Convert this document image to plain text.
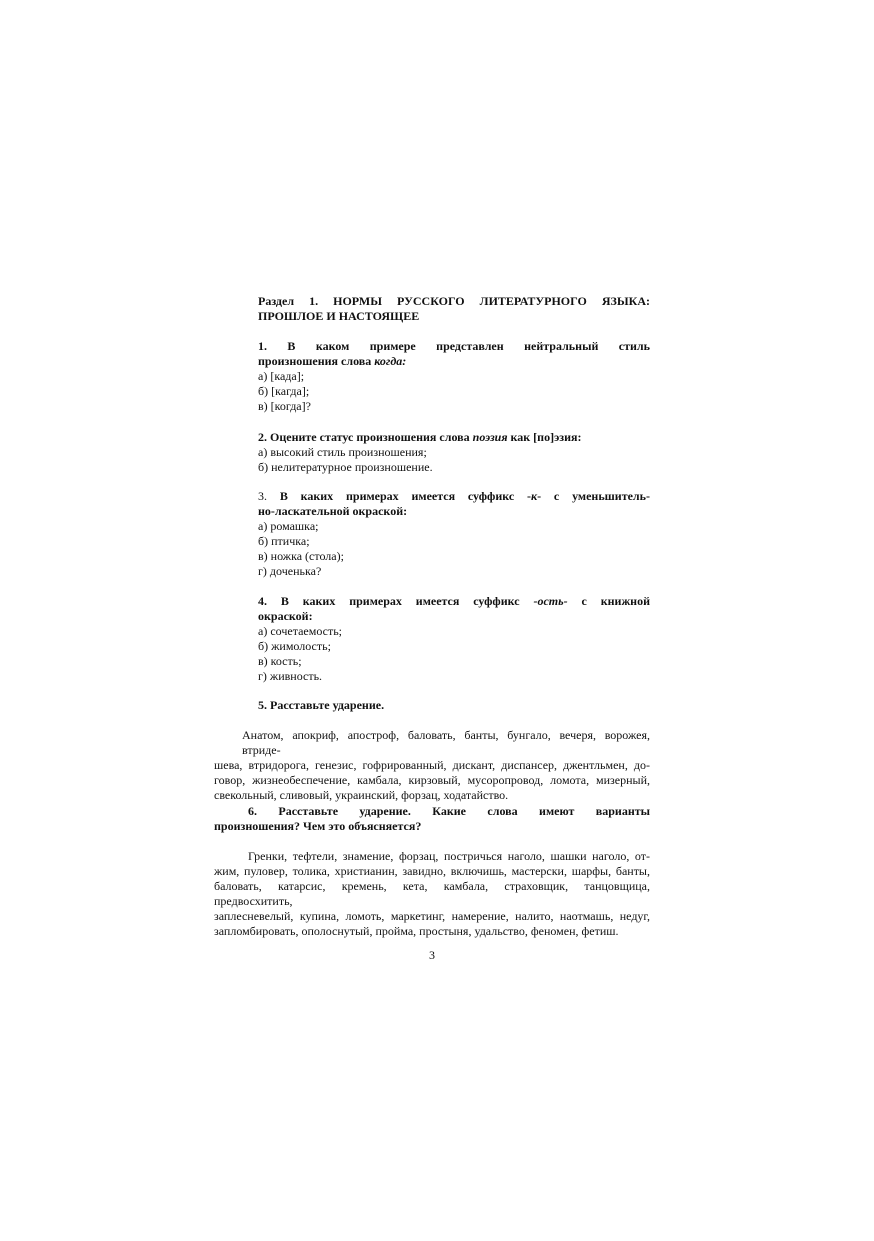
Раздел 1. НОРМЫ РУССКОГО ЛИТЕРАТУРНОГО ЯЗЫКА:
ПРОШЛОЕ И НАСТОЯЩЕЕ
1. В каком примере представлен нейтральный стиль
произношения слова когда:
а) [када];
б) [кагда];
в) [когда]?
2. Оцените статус произношения слова поэзия как [по]эзия:
а) высокий стиль произношения;
б) нелитературное произношение.
3. В каких примерах имеется суффикс -к- с уменьшитель-
но-ласкательной окраской:
а) ромашка;
б) птичка;
в) ножка (стола);
г) доченька?
4. В каких примерах имеется суффикс -ость- с книжной
окраской:
а) сочетаемость;
б) жимолость;
в) кость;
г) живность.
5. Расставьте ударение.
Анатом, апокриф, апостроф, баловать, банты, бунгало, вечеря, ворожея, втриде-
шева, втридорога, генезис, гофрированный, дискант, диспансер, джентльмен, до-
говор, жизнеобеспечение, камбала, кирзовый, мусоропровод, ломота, мизерный,
свекольный, сливовый, украинский, форзац, ходатайство.
6. Расставьте ударение. Какие слова имеют варианты
произношения? Чем это объясняется?
Гренки, тефтели, знамение, форзац, постричься наголо, шашки наголо, от-
жим, пуловер, толика, христианин, завидно, включишь, мастерски, шарфы, банты,
баловать, катарсис, кремень, кета, камбала, страховщик, танцовщица, предвосхитить,
заплесневелый, купина, ломоть, маркетинг, намерение, налито, наотмашь, недуг,
запломбировать, ополоснутый, пройма, простыня, удальство, феномен, фетиш.
3
